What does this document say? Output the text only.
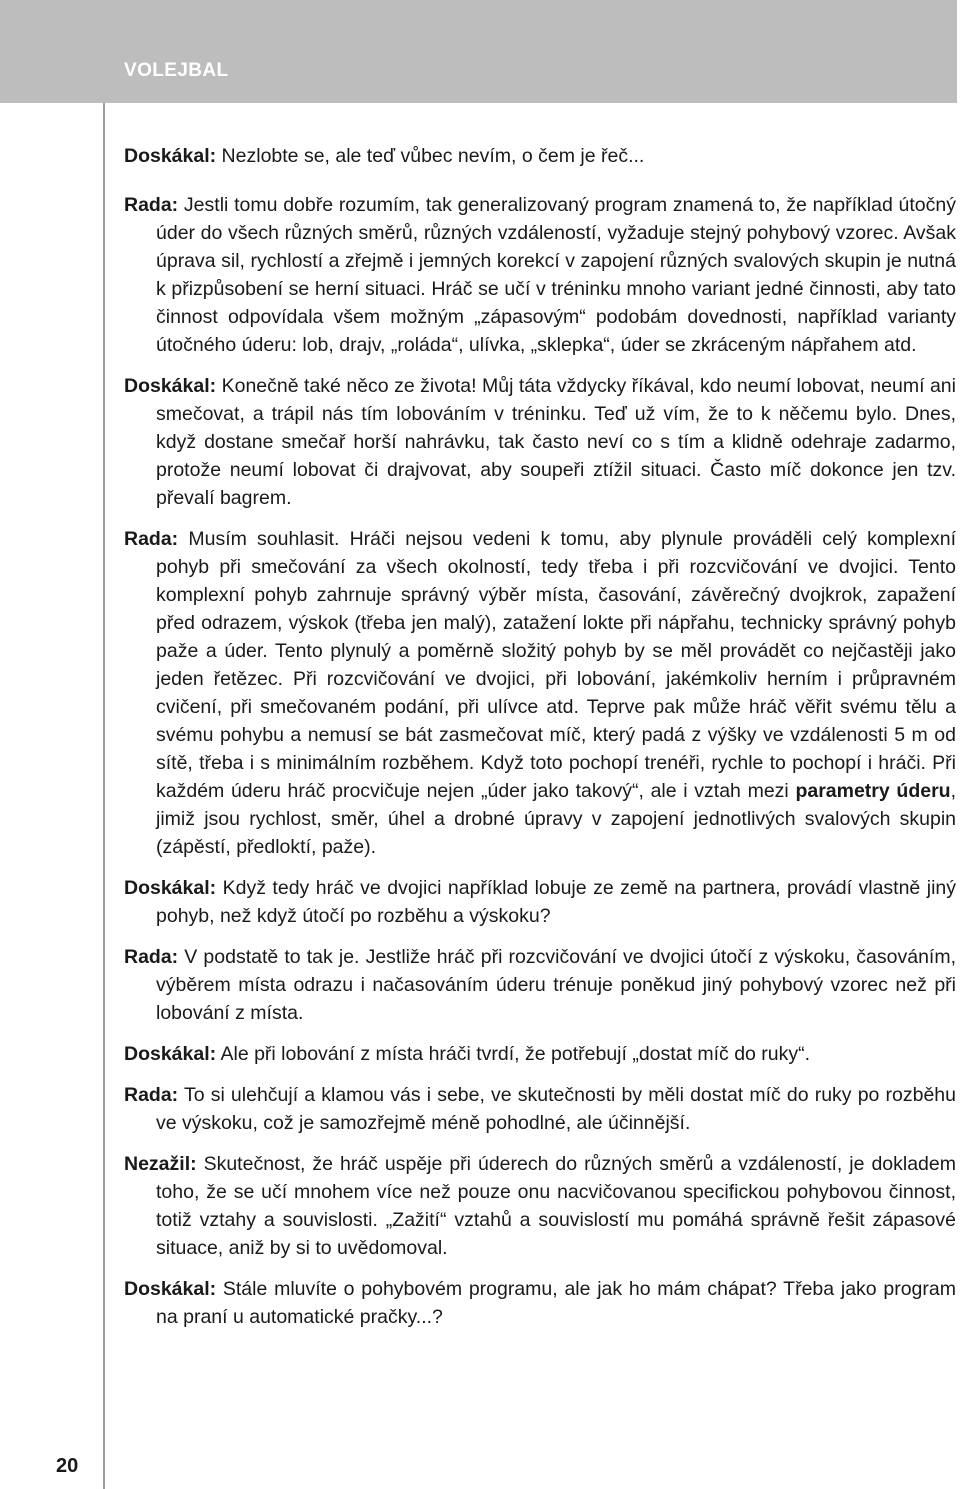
VOLEJBAL
20

Doskákal: Nezlobte se, ale teď vůbec nevím, o čem je řeč...

Rada: Jestli tomu dobře rozumím, tak generalizovaný program znamená to, že například útočný úder do všech různých směrů, různých vzdáleností, vyžaduje stejný pohybový vzorec. Avšak úprava sil, rychlostí a zřejmě i jemných korekcí v zapojení různých svalových skupin je nutná k přizpůsobení se herní situaci. Hráč se učí v tréninku mnoho variant jedné činnosti, aby tato činnost odpovídala všem možným „zápasovým“ podobám dovednosti, například varianty útočného úderu: lob, drajv, „roláda“, ulívka, „sklepka“, úder se zkráceným nápřahem atd.

Doskákal: Konečně také něco ze života! Můj táta vždycky říkával, kdo neumí lobovat, neumí ani smečovat, a trápil nás tím lobováním v tréninku. Teď už vím, že to k něčemu bylo. Dnes, když dostane smečař horší nahrávku, tak často neví co s tím a klidně odehraje zadarmo, protože neumí lobovat či drajvovat, aby soupeři ztížil situaci. Často míč dokonce jen tzv. převalí bagrem.

Rada: Musím souhlasit. Hráči nejsou vedeni k tomu, aby plynule prováděli celý komplexní pohyb při smečování za všech okolností, tedy třeba i při rozcvičování ve dvojici. Tento komplexní pohyb zahrnuje správný výběr místa, časování, závěrečný dvojkrok, zapažení před odrazem, výskok (třeba jen malý), zatažení lokte při nápřahu, technicky správný pohyb paže a úder. Tento plynulý a poměrně složitý pohyb by se měl provádět co nejčastěji jako jeden řetězec. Při rozcvičování ve dvojici, při lobování, jakémkoliv herním i průpravném cvičení, při smečovaném podání, při ulívce atd. Teprve pak může hráč věřit svému tělu a svému pohybu a nemusí se bát zasmečovat míč, který padá z výšky ve vzdálenosti 5 m od sítě, třeba i s minimálním rozběhem. Když toto pochopí trenéři, rychle to pochopí i hráči. Při každém úderu hráč procvičuje nejen „úder jako takový“, ale i vztah mezi parametry úderu, jimiž jsou rychlost, směr, úhel a drobné úpravy v zapojení jednotlivých svalových skupin (zápěstí, předloktí, paže).

Doskákal: Když tedy hráč ve dvojici například lobuje ze země na partnera, provádí vlastně jiný pohyb, než když útočí po rozběhu a výskoku?

Rada: V podstatě to tak je. Jestliže hráč při rozcvičování ve dvojici útočí z výskoku, časováním, výběrem místa odrazu i načasováním úderu trénuje poněkud jiný pohybový vzorec než při lobování z místa.

Doskákal: Ale při lobování z místa hráči tvrdí, že potřebují „dostat míč do ruky“.

Rada: To si ulehčují a klamou vás i sebe, ve skutečnosti by měli dostat míč do ruky po rozběhu ve výskoku, což je samozřejmě méně pohodlné, ale účinnější.

Nezažil: Skutečnost, že hráč uspěje při úderech do různých směrů a vzdáleností, je dokladem toho, že se učí mnohem více než pouze onu nacvičovanou specifickou pohybovou činnost, totiž vztahy a souvislosti. „Zažití“ vztahů a souvislostí mu pomáhá správně řešit zápasové situace, aniž by si to uvědomoval.

Doskákal: Stále mluvíte o pohybovém programu, ale jak ho mám chápat? Třeba jako program na praní u automatické pračky...?
